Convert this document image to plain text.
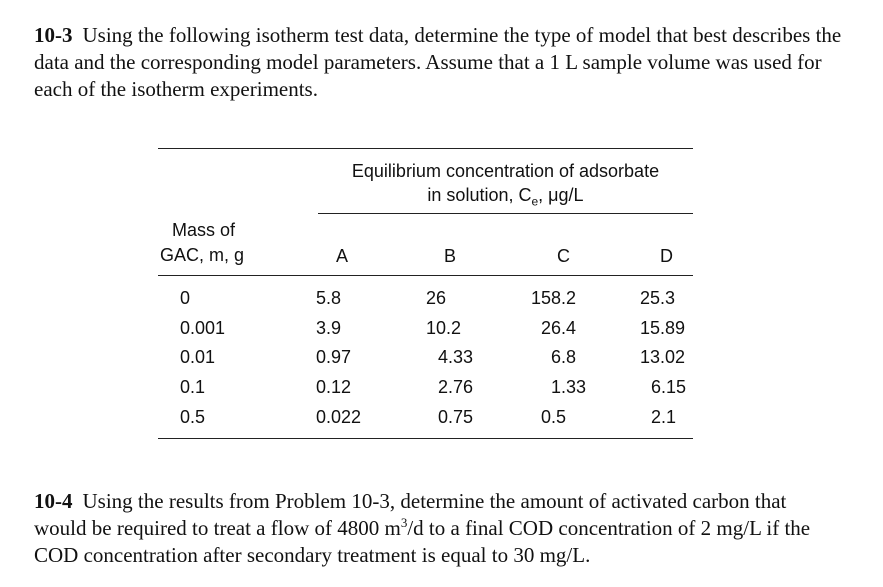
10-3 Using the following isotherm test data, determine the type of model that best describes the data and the corresponding model parameters. Assume that a 1 L sample volume was used for each of the isotherm experiments.
Equilibrium concentration of adsorbate
in solution, $C_e$, μg/L
Mass of
GAC, m, g	A	B	C	D
0	5.8	26	158.2	25.3
0.001	3.9	10.2	26.4	15.89
0.01	0.97	4.33	6.8	13.02
0.1	0.12	2.76	1.33	6.15
0.5	0.022	0.75	0.5	2.1
10-4 Using the results from Problem 10-3, determine the amount of activated carbon that would be required to treat a flow of 4800 $m^3/d$ to a final COD concentration of 2 mg/L if the COD concentration after secondary treatment is equal to 30 mg/L.
